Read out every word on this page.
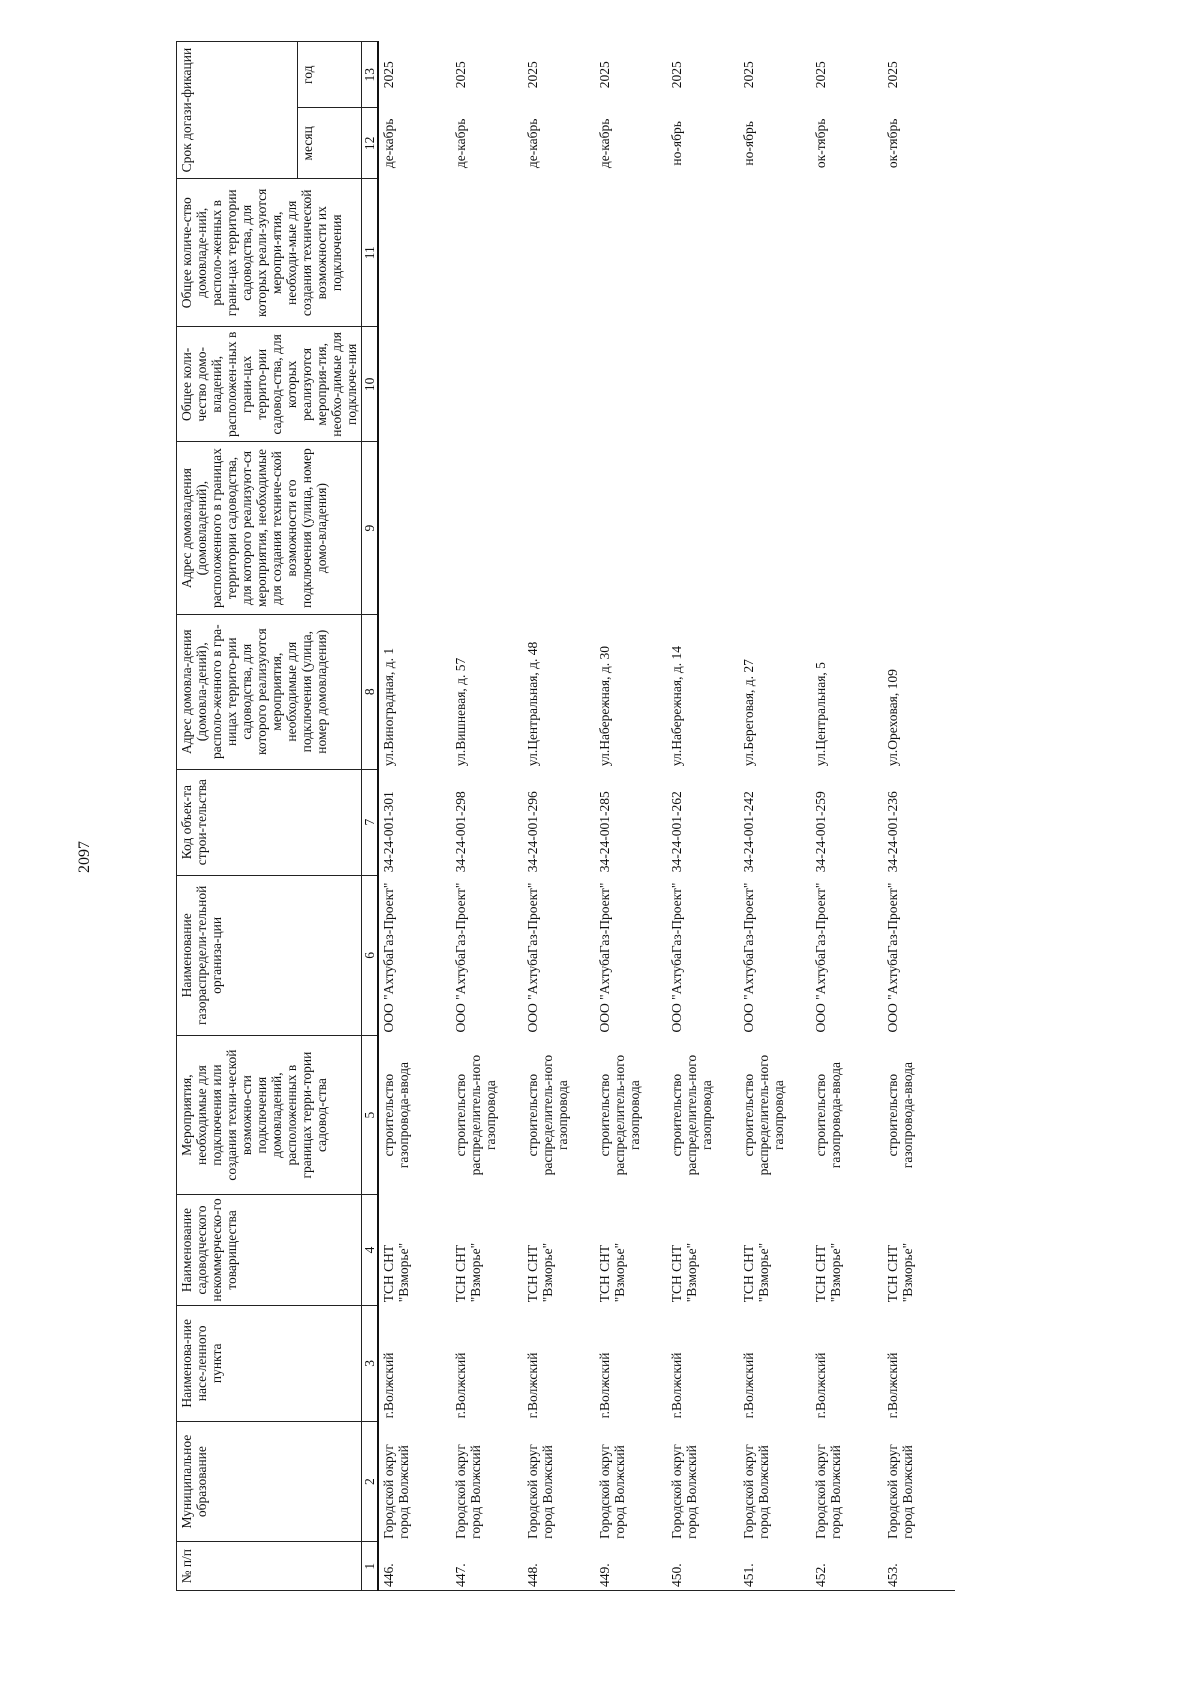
2097
№ п/п	Муниципальное образование	Наименова-ние насе-ленного пункта	Наименование садоводческого некоммерческо-го товарищества	Мероприятия, необходимые для подключения или создания техни-ческой возможно-сти подключения домовладений, расположенных в границах терри-тории садовод-ства	Наименование газораспредели-тельной организа-ции	Код объек-та строи-тельства	Адрес домовла-дения (домовла-дений), располо-женного в гра-ницах террито-рии садоводства, для которого реализуются мероприятия, необходимые для подключения (улица, номер домовладения)	Адрес домовладения (домовладений), расположенного в границах территории садоводства, для которого реализуют-ся мероприятия, необходимые для создания техниче-ской возможности его подключения (улица, номер домо-владения)	Общее коли-чество домо-владений, расположен-ных в грани-цах террито-рии садовод-ства, для которых реализуются мероприя-тия, необхо-димые для подключе-ния	Общее количе-ство домовладе-ний, располо-женных в грани-цах территории садоводства, для которых реали-зуются меропри-ятия, необходи-мые для создания технической возможности их подключения	Срок догази-фикации	
											месяц	год
1	2	3	4	5	6	7	8	9	10	11	12	13
446.	Городской округ город Волжский	г.Волжский	ТСН СНТ "Взморье"	строительство газопровода-ввода	ООО "АхтубаГаз-Проект"	34-24-001-301	ул.Виноградная, д. 1				де-кабрь	2025
447.	Городской округ город Волжский	г.Волжский	ТСН СНТ "Взморье"	строительство распределитель-ного газопровода	ООО "АхтубаГаз-Проект"	34-24-001-298	ул.Вишневая, д. 57				де-кабрь	2025
448.	Городской округ город Волжский	г.Волжский	ТСН СНТ "Взморье"	строительство распределитель-ного газопровода	ООО "АхтубаГаз-Проект"	34-24-001-296	ул.Центральная, д. 48				де-кабрь	2025
449.	Городской округ город Волжский	г.Волжский	ТСН СНТ "Взморье"	строительство распределитель-ного газопровода	ООО "АхтубаГаз-Проект"	34-24-001-285	ул.Набережная, д. 30				де-кабрь	2025
450.	Городской округ город Волжский	г.Волжский	ТСН СНТ "Взморье"	строительство распределитель-ного газопровода	ООО "АхтубаГаз-Проект"	34-24-001-262	ул.Набережная, д. 14				но-ябрь	2025
451.	Городской округ город Волжский	г.Волжский	ТСН СНТ "Взморье"	строительство распределитель-ного газопровода	ООО "АхтубаГаз-Проект"	34-24-001-242	ул.Береговая, д. 27				но-ябрь	2025
452.	Городской округ город Волжский	г.Волжский	ТСН СНТ "Взморье"	строительство газопровода-ввода	ООО "АхтубаГаз-Проект"	34-24-001-259	ул.Центральная, 5				ок-тябрь	2025
453.	Городской округ город Волжский	г.Волжский	ТСН СНТ "Взморье"	строительство газопровода-ввода	ООО "АхтубаГаз-Проект"	34-24-001-236	ул.Ореховая, 109				ок-тябрь	2025
